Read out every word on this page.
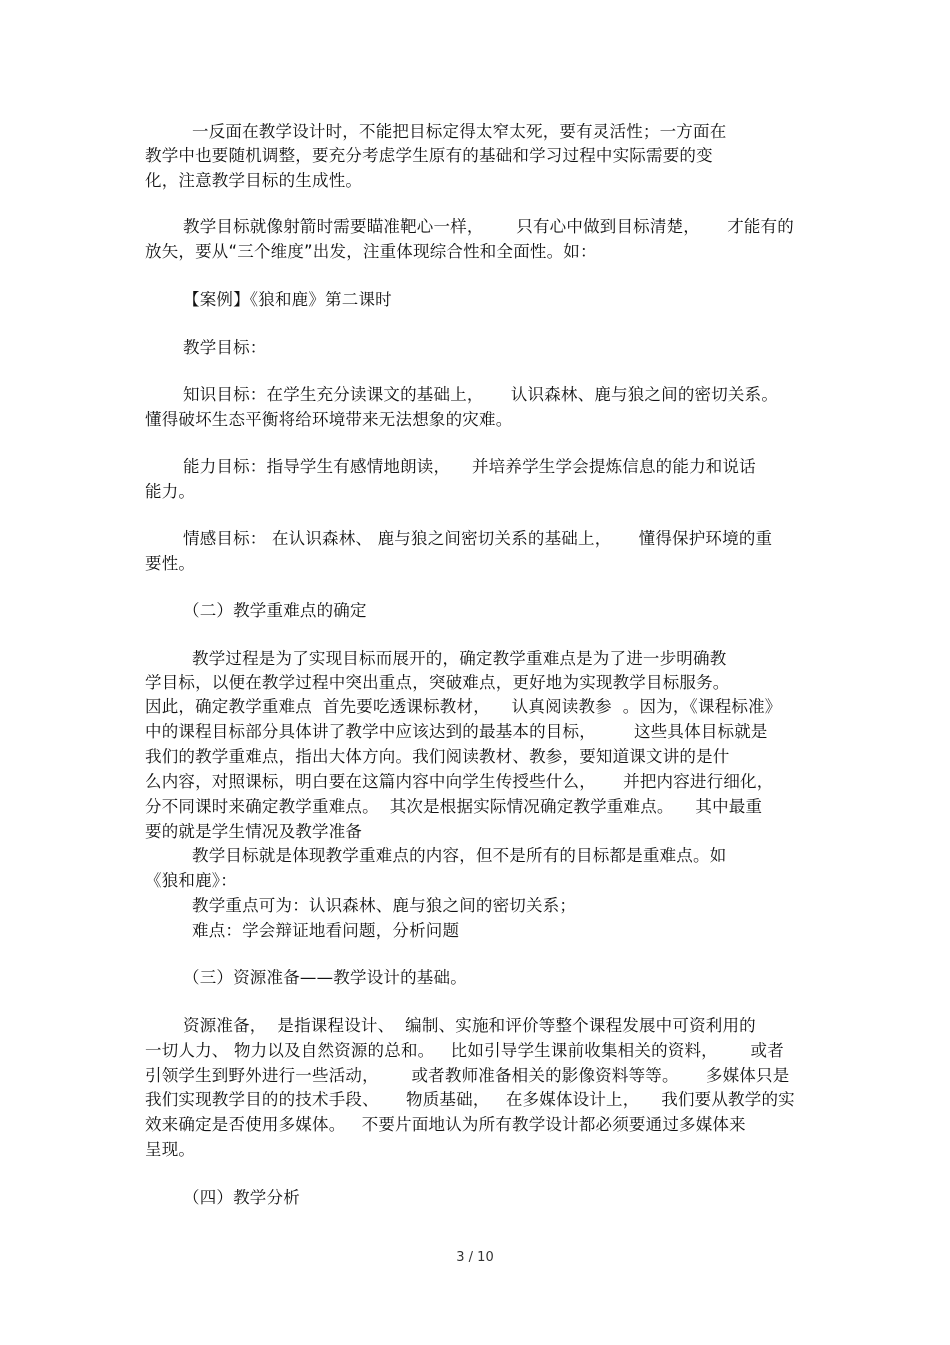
一反面在教学设计时，不能把目标定得太窄太死，要有灵活性；一方面在
教学中也要随机调整，要充分考虑学生原有的基础和学习过程中实际需要的变
化，注意教学目标的生成性。
教学目标就像射箭时需要瞄准靶心一样，      只有心中做到目标清楚，     才能有的
放矢，要从“三个维度”出发，注重体现综合性和全面性。如：
【案例】《狼和鹿》第二课时
教学目标：
知识目标：在学生充分读课文的基础上，     认识森林、鹿与狼之间的密切关系。
懂得破坏生态平衡将给环境带来无法想象的灾难。
能力目标：指导学生有感情地朗读，    并培养学生学会提炼信息的能力和说话
能力。
情感目标： 在认识森林、 鹿与狼之间密切关系的基础上，     懂得保护环境的重
要性。
（二）教学重难点的确定
教学过程是为了实现目标而展开的，确定教学重难点是为了进一步明确教
学目标，以便在教学过程中突出重点，突破难点，更好地为实现教学目标服务。
因此，确定教学重难点  首先要吃透课标教材，    认真阅读教参  。因为，《课程标准》
中的课程目标部分具体讲了教学中应该达到的最基本的目标，       这些具体目标就是
我们的教学重难点，指出大体方向。我们阅读教材、教参，要知道课文讲的是什
么内容，对照课标，明白要在这篇内容中向学生传授些什么，     并把内容进行细化，
分不同课时来确定教学重难点。  其次是根据实际情况确定教学重难点。    其中最重
要的就是学生情况及教学准备
教学目标就是体现教学重难点的内容，但不是所有的目标都是重难点。如
《狼和鹿》：
教学重点可为：认识森林、鹿与狼之间的密切关系；
难点：学会辩证地看问题，分析问题
（三）资源准备——教学设计的基础。
资源准备，  是指课程设计、  编制、实施和评价等整个课程发展中可资利用的
一切人力、 物力以及自然资源的总和。   比如引导学生课前收集相关的资料，      或者
引领学生到野外进行一些活动，      或者教师准备相关的影像资料等等。     多媒体只是
我们实现教学目的的技术手段、     物质基础，   在多媒体设计上，    我们要从教学的实
效来确定是否使用多媒体。   不要片面地认为所有教学设计都必须要通过多媒体来
呈现。
（四）教学分析
3 / 10
